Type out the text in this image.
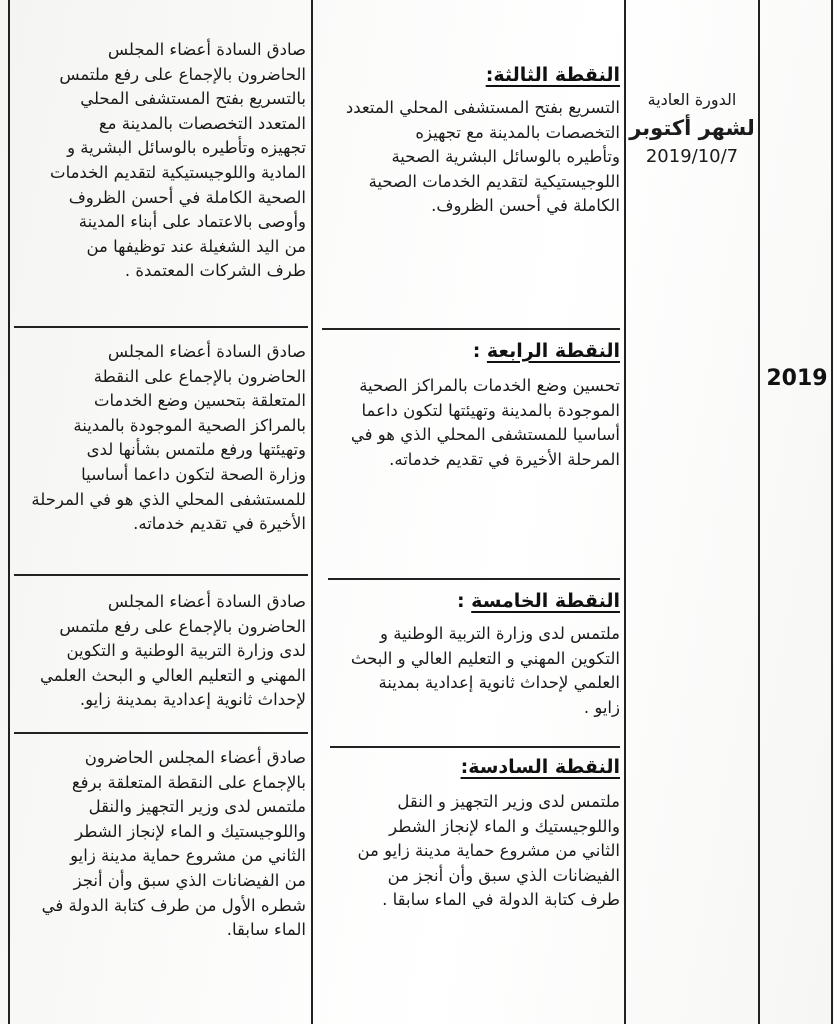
2019
الدورة العادية
لشهر أكتوبر
2019/10/7
النقطة الثالثة:
التسريع بفتح المستشفى المحلي المتعدد
التخصصات بالمدينة مع تجهيزه
وتأطيره بالوسائل البشرية الصحية
اللوجيستيكية لتقديم الخدمات الصحية
الكاملة في أحسن الظروف.
النقطة الرابعة :
تحسين وضع الخدمات بالمراكز الصحية
الموجودة بالمدينة وتهيئتها لتكون داعما
أساسيا للمستشفى المحلي الذي هو في
المرحلة الأخيرة في تقديم خدماته.
النقطة الخامسة :
ملتمس لدى وزارة التربية الوطنية و
التكوين المهني و التعليم العالي و البحث
العلمي لإحداث ثانوية إعدادية بمدينة
زايو .
النقطة السادسة:
ملتمس لدى وزير التجهيز و النقل
واللوجيستيك و الماء لإنجاز الشطر
الثاني من مشروع حماية مدينة زايو من
الفيضانات الذي سبق وأن أنجز من
طرف كتابة الدولة في الماء سابقا .
صادق السادة أعضاء المجلس
الحاضرون بالإجماع على رفع ملتمس
بالتسريع بفتح المستشفى المحلي
المتعدد التخصصات بالمدينة مع
تجهيزه وتأطيره بالوسائل البشرية و
المادية واللوجيستيكية لتقديم الخدمات
الصحية الكاملة في أحسن الظروف
وأوصى بالاعتماد على أبناء المدينة
من اليد الشغيلة عند توظيفها من
طرف الشركات المعتمدة .
صادق السادة أعضاء المجلس
الحاضرون بالإجماع على النقطة
المتعلقة بتحسين وضع الخدمات
بالمراكز الصحية الموجودة بالمدينة
وتهيئتها ورفع ملتمس بشأنها لدى
وزارة الصحة لتكون داعما أساسيا
للمستشفى المحلي الذي هو في المرحلة
الأخيرة في تقديم خدماته.
صادق السادة أعضاء المجلس
الحاضرون بالإجماع على رفع ملتمس
لدى وزارة التربية الوطنية و التكوين
المهني و التعليم العالي و البحث العلمي
لإحداث ثانوية إعدادية بمدينة زايو.
صادق أعضاء المجلس الحاضرون
بالإجماع على النقطة المتعلقة برفع
ملتمس لدى وزير التجهيز والنقل
واللوجيستيك و الماء لإنجاز الشطر
الثاني من مشروع حماية مدينة زايو
من الفيضانات الذي سبق وأن أنجز
شطره الأول من طرف كتابة الدولة في
الماء سابقا.
